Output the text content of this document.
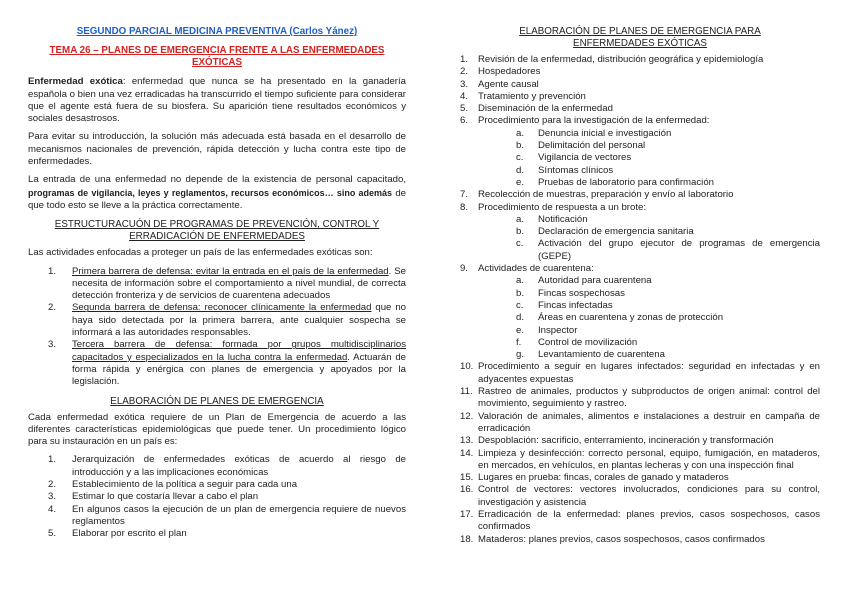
SEGUNDO PARCIAL MEDICINA PREVENTIVA (Carlos Yánez)
TEMA 26 – PLANES DE EMERGENCIA FRENTE A LAS ENFERMEDADES EXÓTICAS

Enfermedad exótica: enfermedad que nunca se ha presentado en la ganadería española o bien una vez erradicadas ha transcurrido el tiempo suficiente para considerar que el agente está fuera de su biosfera. Su aparición tiene resultados económicos y sociales desastrosos.

Para evitar su introducción, la solución más adecuada está basada en el desarrollo de mecanismos nacionales de prevención, rápida detección y lucha contra este tipo de enfermedades.

La entrada de una enfermedad no depende de la existencia de personal capacitado, programas de vigilancia, leyes y reglamentos, recursos económicos… sino además de que todo esto se lleve a la práctica correctamente.

ESTRUCTURACUÓN DE PROGRAMAS DE PREVENCIÓN, CONTROL Y ERRADICACIÓN DE ENFERMEDADES

Las actividades enfocadas a proteger un país de las enfermedades exóticas son:

1. Primera barrera de defensa: evitar la entrada en el país de la enfermedad. Se necesita de información sobre el comportamiento a nivel mundial, de correcta detección fronteriza y de servicios de cuarentena adecuados
2. Segunda barrera de defensa: reconocer clínicamente la enfermedad que no haya sido detectada por la primera barrera, ante cualquier sospecha se informará a las autoridades responsables.
3. Tercera barrera de defensa: formada por grupos multidisciplinarios capacitados y especializados en la lucha contra la enfermedad. Actuarán de forma rápida y enérgica con planes de emergencia y apoyados por la legislación.
ELABORACIÓN DE PLANES DE EMERGENCIA

Cada enfermedad exótica requiere de un Plan de Emergencia de acuerdo a las diferentes características epidemiológicas que puede tener. Un procedimiento lógico para su instauración en un país es:

1. Jerarquización de enfermedades exóticas de acuerdo al riesgo de introducción y a las implicaciones económicas
2. Establecimiento de la política a seguir para cada una
3. Estimar lo que costaría llevar a cabo el plan
4. En algunos casos la ejecución de un plan de emergencia requiere de nuevos reglamentos
5. Elaborar por escrito el plan
ELABORACIÓN DE PLANES DE EMERGENCIA PARA ENFERMEDADES EXÓTICAS
1. Revisión de la enfermedad, distribución geográfica y epidemiología
2. Hospedadores
3. Agente causal
4. Tratamiento y prevención
5. Diseminación de la enfermedad
6. Procedimiento para la investigación de la enfermedad:
a. Denuncia inicial e investigación
b. Delimitación del personal
c. Vigilancia de vectores
d. Síntomas clínicos
e. Pruebas de laboratorio para confirmación
7. Recolección de muestras, preparación y envío al laboratorio
8. Procedimiento de respuesta a un brote:
a. Notificación
b. Declaración de emergencia sanitaria
c. Activación del grupo ejecutor de programas de emergencia (GEPE)
9. Actividades de cuarentena:
a. Autoridad para cuarentena
b. Fincas sospechosas
c. Fincas infectadas
d. Áreas en cuarentena y zonas de protección
e. Inspector
f. Control de movilización
g. Levantamiento de cuarentena
10. Procedimiento a seguir en lugares infectados: seguridad en infectadas y en adyacentes expuestas
11. Rastreo de animales, productos y subproductos de origen animal: control del movimiento, seguimiento y rastreo.
12. Valoración de animales, alimentos e instalaciones a destruir en campaña de erradicación
13. Despoblación: sacrificio, enterramiento, incineración y transformación
14. Limpieza y desinfección: correcto personal, equipo, fumigación, en mataderos, en mercados, en vehículos, en plantas lecheras y con una inspección final
15. Lugares en prueba: fincas, corales de ganado y mataderos
16. Control de vectores: vectores involucrados, condiciones para su control, investigación y asistencia
17. Erradicación de la enfermedad: planes previos, casos sospechosos, casos confirmados
18. Mataderos: planes previos, casos sospechosos, casos confirmados
